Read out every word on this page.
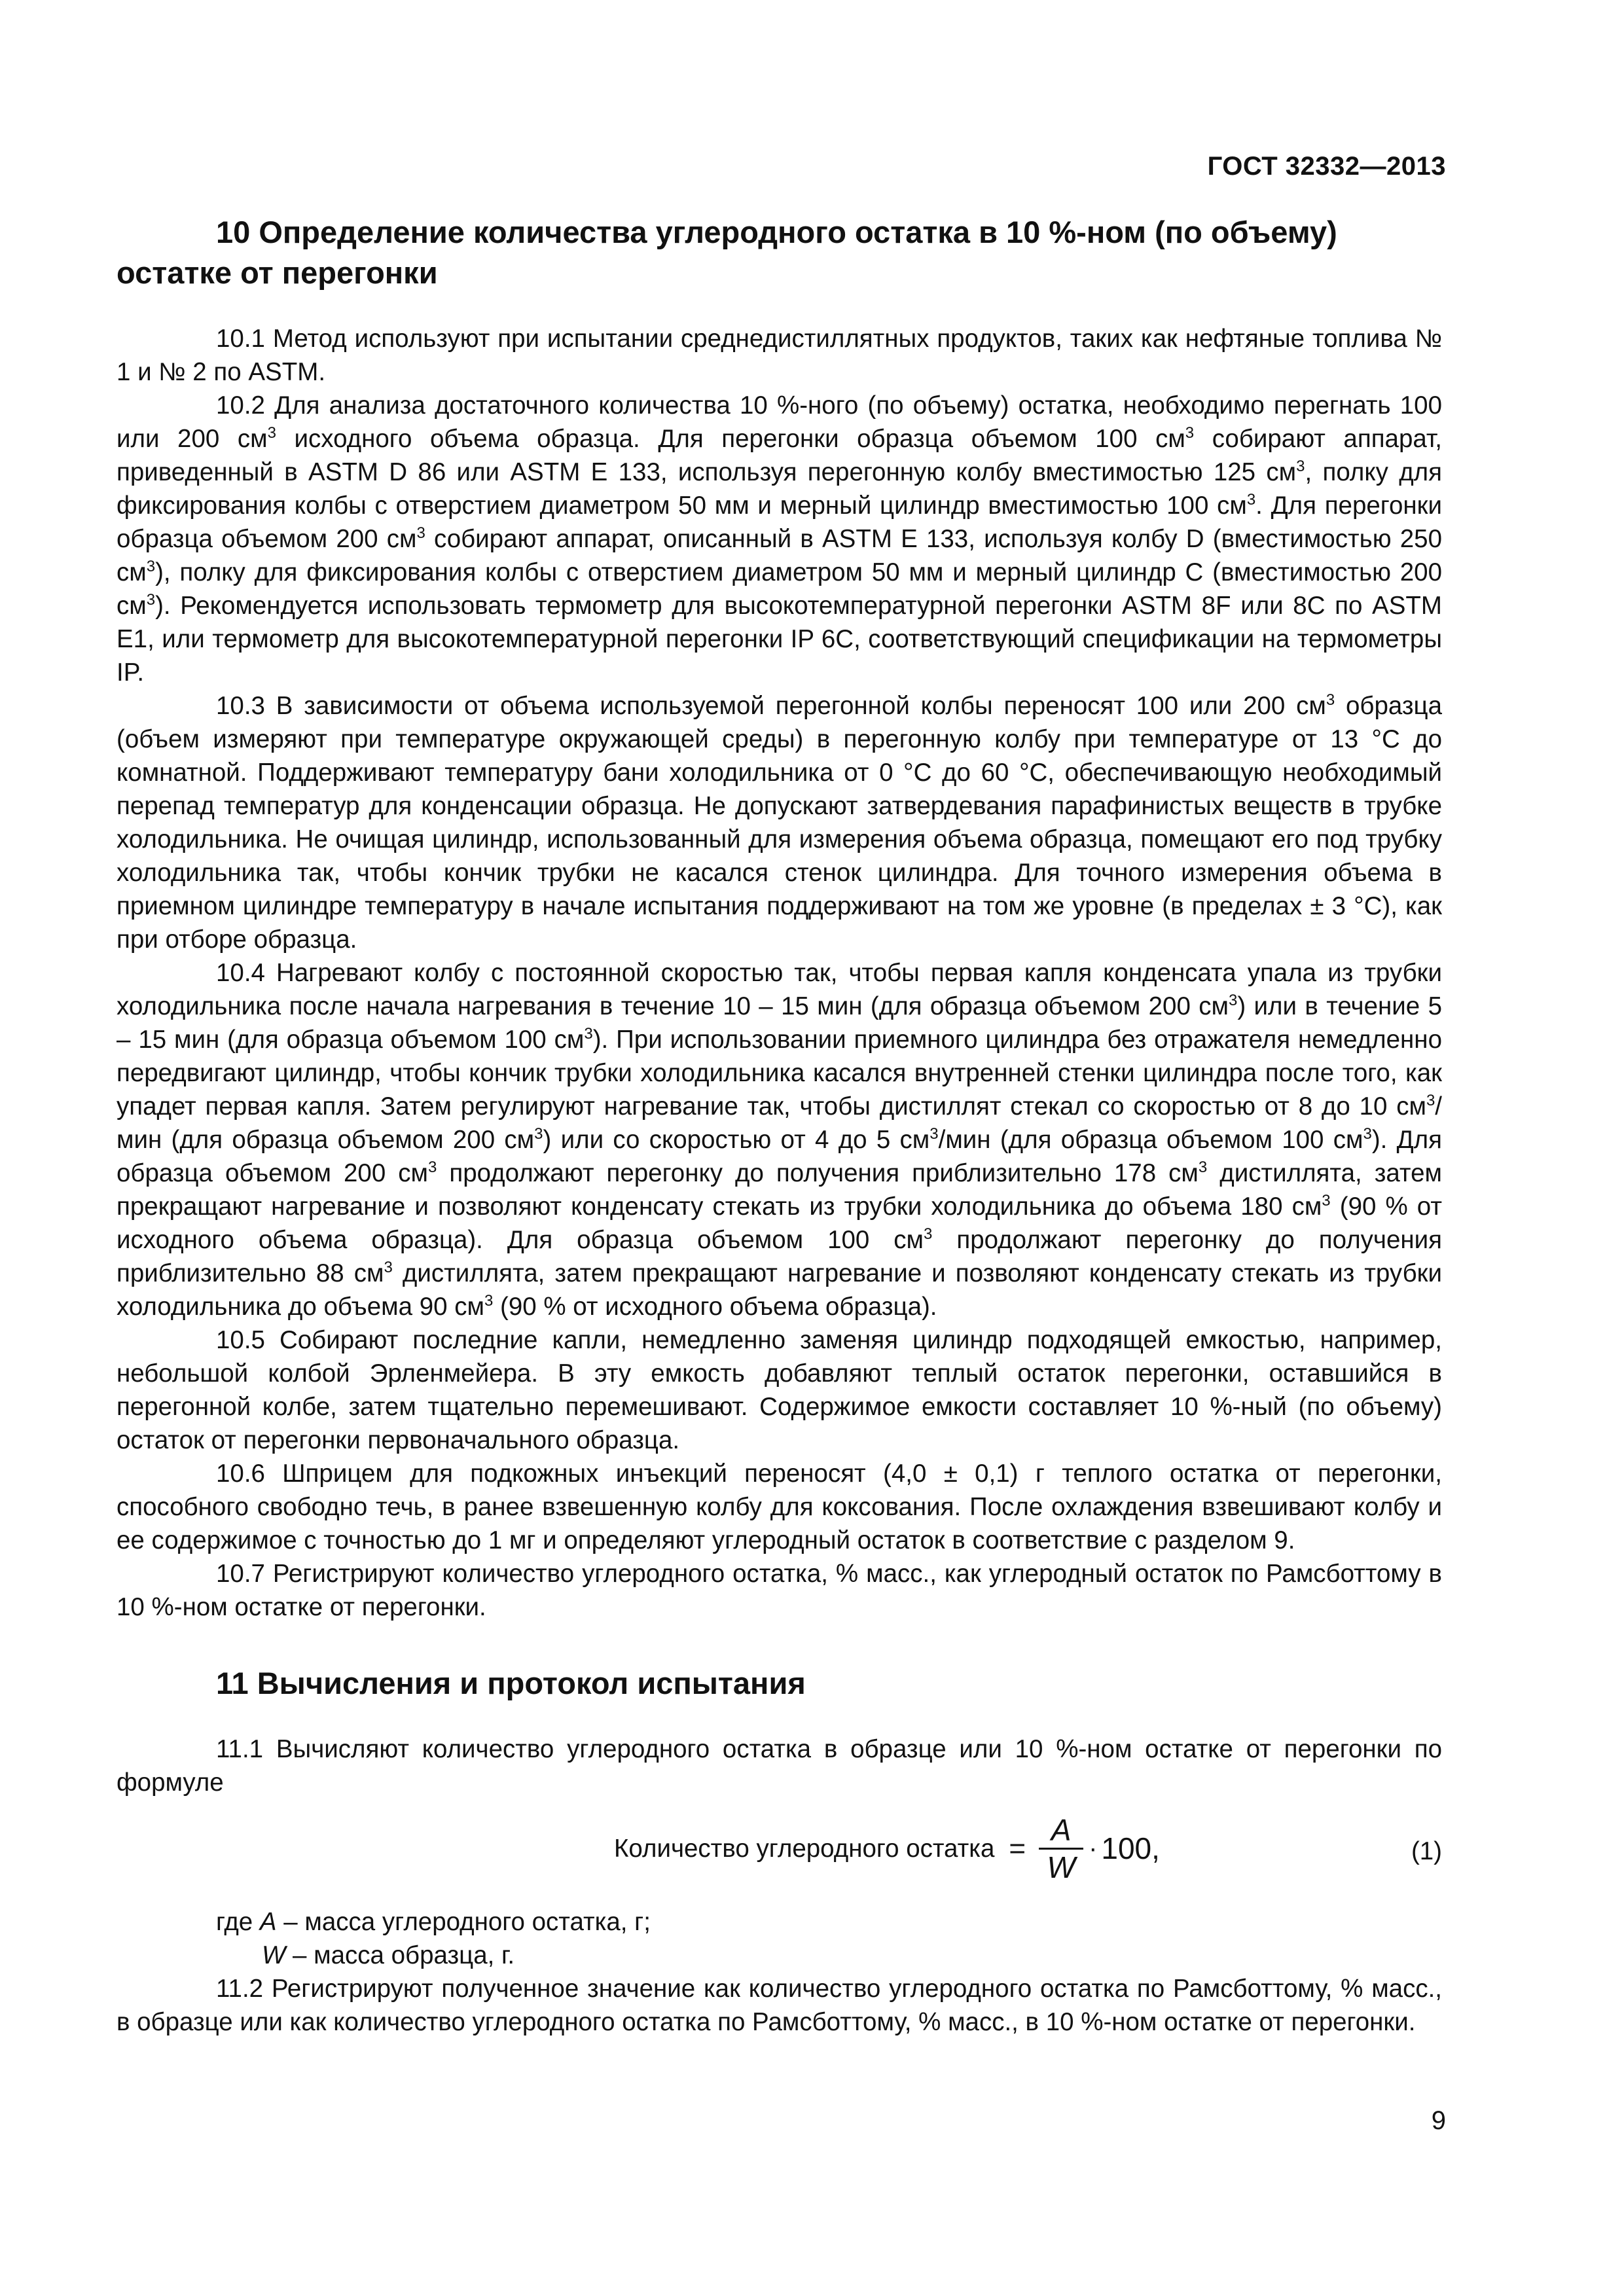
ГОСТ 32332—2013
10 Определение количества углеродного остатка в 10 %-ном (по объему) остатке от перегонки

10.1 Метод используют при испытании среднедистиллятных продуктов, таких как нефтяные топлива № 1 и № 2 по ASTM.

10.2 Для анализа достаточного количества 10 %-ного (по объему) остатка, необходимо перегнать 100 или 200 $см^3$ исходного объема образца. Для перегонки образца объемом 100 $см^3$ собирают аппарат, приведенный в ASTM D 86 или ASTM E 133, используя перегонную колбу вместимостью 125 $см^3$, полку для фиксирования колбы с отверстием диаметром 50 мм и мерный цилиндр вместимостью 100 $см^3$. Для перегонки образца объемом 200 $см^3$ собирают аппарат, описанный в ASTM E 133, используя колбу D (вместимостью 250 $см^3$), полку для фиксирования колбы с отверстием диаметром 50 мм и мерный цилиндр С (вместимостью 200 $см^3$). Рекомендуется использовать термометр для высокотемпературной перегонки ASTM 8F или 8C по ASTM E1, или термометр для высокотемпературной перегонки IP 6C, соответствующий спецификации на термометры IP.

10.3 В зависимости от объема используемой перегонной колбы переносят 100 или 200 $см^3$ образца (объем измеряют при температуре окружающей среды) в перегонную колбу при температуре от 13 °С до комнатной. Поддерживают температуру бани холодильника от 0 °С до 60 °С, обеспечивающую необходимый перепад температур для конденсации образца. Не допускают затвердевания парафинистых веществ в трубке холодильника. Не очищая цилиндр, использованный для измерения объема образца, помещают его под трубку холодильника так, чтобы кончик трубки не касался стенок цилиндра. Для точного измерения объема в приемном цилиндре температуру в начале испытания поддерживают на том же уровне (в пределах ± 3 °С), как при отборе образца.

10.4 Нагревают колбу с постоянной скоростью так, чтобы первая капля конденсата упала из трубки холодильника после начала нагревания в течение 10 – 15 мин (для образца объемом 200 $см^3$) или в течение 5 – 15 мин (для образца объемом 100 $см^3$). При использовании приемного цилиндра без отражателя немедленно передвигают цилиндр, чтобы кончик трубки холодильника касался внутренней стенки цилиндра после того, как упадет первая капля. Затем регулируют нагревание так, чтобы дистиллят стекал со скоростью от 8 до 10 $см^3$/мин (для образца объемом 200 $см^3$) или со скоростью от 4 до 5 $см^3$/мин (для образца объемом 100 $см^3$). Для образца объемом 200 $см^3$ продолжают перегонку до получения приблизительно 178 $см^3$ дистиллята, затем прекращают нагревание и позволяют конденсату стекать из трубки холодильника до объема 180 $см^3$ (90 % от исходного объема образца). Для образца объемом 100 $см^3$ продолжают перегонку до получения приблизительно 88 $см^3$ дистиллята, затем прекращают нагревание и позволяют конденсату стекать из трубки холодильника до объема 90 $см^3$ (90 % от исходного объема образца).

10.5 Собирают последние капли, немедленно заменяя цилиндр подходящей емкостью, например, небольшой колбой Эрленмейера. В эту емкость добавляют теплый остаток перегонки, оставшийся в перегонной колбе, затем тщательно перемешивают. Содержимое емкости составляет 10 %-ный (по объему) остаток от перегонки первоначального образца.

10.6 Шприцем для подкожных инъекций переносят (4,0 ± 0,1) г теплого остатка от перегонки, способного свободно течь, в ранее взвешенную колбу для коксования. После охлаждения взвешивают колбу и ее содержимое с точностью до 1 мг и определяют углеродный остаток в соответствие с разделом 9.

10.7 Регистрируют количество углеродного остатка, % масс., как углеродный остаток по Рамсботтому в 10 %-ном остатке от перегонки.

11 Вычисления и протокол испытания

11.1 Вычисляют количество углеродного остатка в образце или 10 %-ном остатке от перегонки по формуле

Количество углеродного остатка = $\frac{A}{W} \cdot 100$,	(1)

где A – масса углеродного остатка, г;

W – масса образца, г.

11.2 Регистрируют полученное значение как количество углеродного остатка по Рамсботтому, % масс., в образце или как количество углеродного остатка по Рамсботтому, % масс., в 10 %-ном остатке от перегонки.

9
